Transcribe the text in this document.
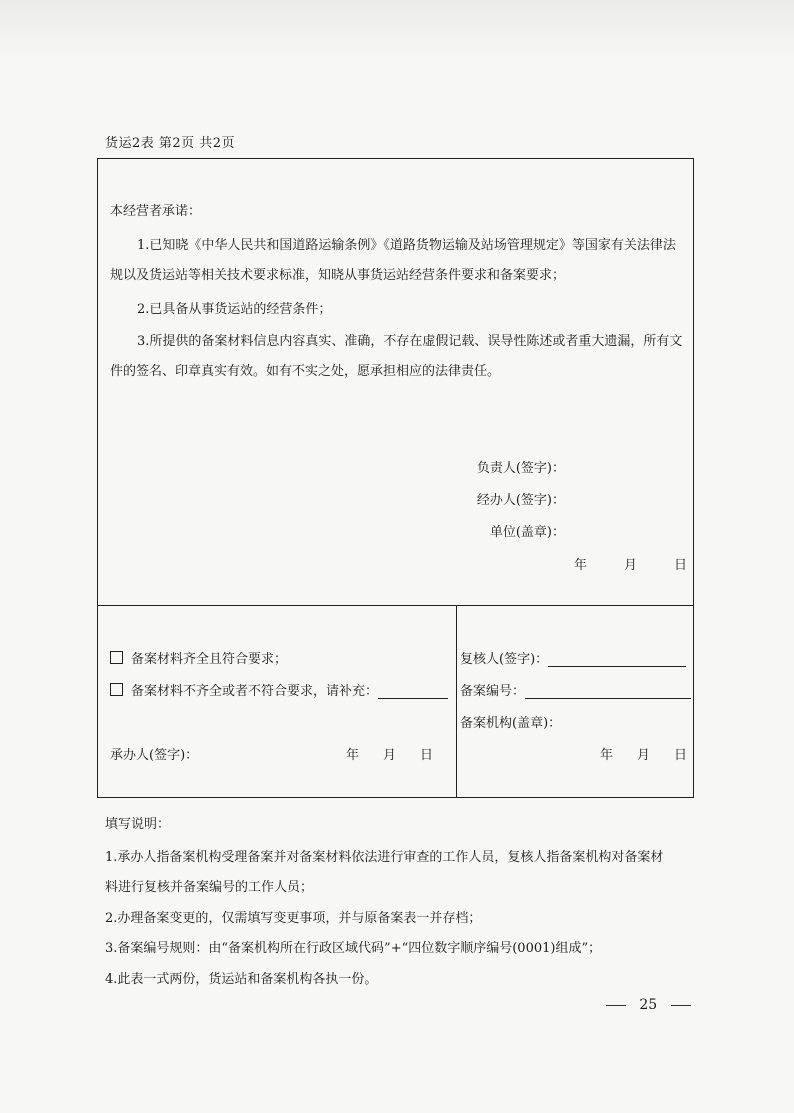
货运2表 第2页 共2页

本经营者承诺：

1.已知晓《中华人民共和国道路运输条例》《道路货物运输及站场管理规定》等国家有关法律法

规以及货运站等相关技术要求标准，知晓从事货运站经营条件要求和备案要求；

2.已具备从事货运站的经营条件；

3.所提供的备案材料信息内容真实、准确，不存在虚假记载、误导性陈述或者重大遗漏，所有文

件的签名、印章真实有效。如有不实之处，愿承担相应的法律责任。

负责人(签字)：
经办人(签字)：
单位(盖章)：
年	月	日
备案材料齐全且符合要求；
备案材料不齐全或者不符合要求，请补充：
承办人(签字)：	年 月 日
复核人(签字)：
备案编号：
备案机构(盖章)：
年 月 日
填写说明：
1.承办人指备案机构受理备案并对备案材料依法进行审查的工作人员，复核人指备案机构对备案材
料进行复核并备案编号的工作人员；
2.办理备案变更的，仅需填写变更事项，并与原备案表一并存档；
3.备案编号规则：由“备案机构所在行政区域代码”+“四位数字顺序编号(0001)组成”；
4.此表一式两份，货运站和备案机构各执一份。
25
